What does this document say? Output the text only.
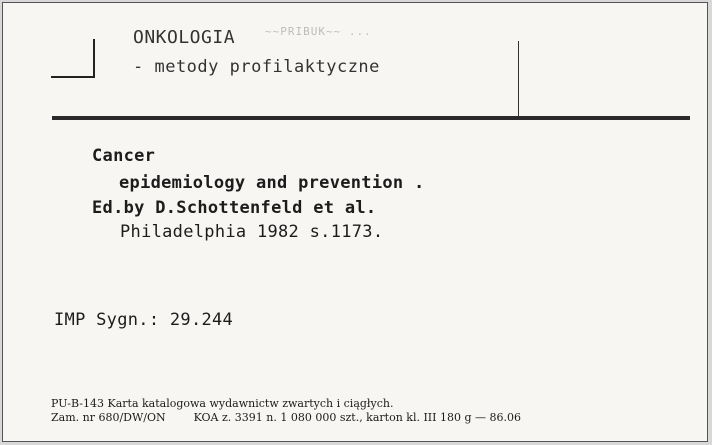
~~PRIBUK~~ ...
ONKOLOGIA
- metody profilaktyczne
Cancer
epidemiology and prevention .
Ed.by D.Schottenfeld et al.
Philadelphia 1982 s.1173.
IMP Sygn.: 29.244
PU-B-143 Karta katalogowa wydawnictw zwartych i ciągłych.
Zam. nr 680/DW/ON        KOA z. 3391 n. 1 080 000 szt., karton kl. III 180 g — 86.06
